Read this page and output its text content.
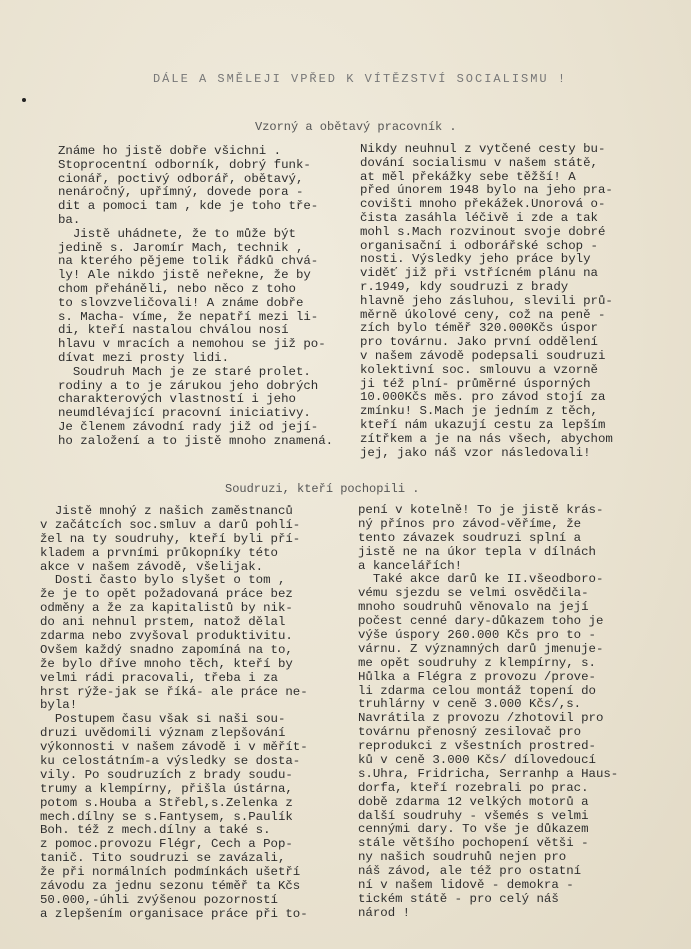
DÁLE A SMĚLEJI VPŘED K VÍTĚZSTVÍ SOCIALISMU !
Vzorný a obětavý pracovník .
Známe ho jistě dobře všichni .
Stoprocentní odborník, dobrý funk-
cionář, poctivý odborář, obětavý,
nenáročný, upřímný, dovede pora -
dit a pomoci tam , kde je toho tře-
ba.
Jistě uhádnete, že to může být
jedině s. Jaromír Mach, technik ,
na kterého pějeme tolik řádků chvá-
ly! Ale nikdo jistě neřekne, že by
chom přeháněli, nebo něco z toho
to slovzveličovali! A známe dobře
s. Macha- víme, že nepatří mezi li-
di, kteří nastalou chválou nosí
hlavu v mracích a nemohou se již po-
dívat mezi prosty lidi.
Soudruh Mach je ze staré prolet.
rodiny a to je zárukou jeho dobrých
charakterových vlastností i jeho
neumdlévající pracovní iniciativy.
Je členem závodní rady již od její-
ho založení a to jistě mnoho znamená.
Nikdy neuhnul z vytčené cesty bu-
dování socialismu v našem státě,
at měl překážky sebe těžší! A
před únorem 1948 bylo na jeho pra-
covišti mnoho překážek.Únorová o-
čista zasáhla léčivě i zde a tak
mohl s.Mach rozvinout svoje dobré
organisační i odborářské schop -
nosti. Výsledky jeho práce byly
viděť již při vstřícném plánu na
r.1949, kdy soudruzi z brady
hlavně jeho zásluhou, slevili prů-
měrně úkolové ceny, což na peně -
zích bylo téměř 320.000Kčs úspor
pro továrnu. Jako první oddělení
v našem závodě podepsali soudruzi
kolektivní soc. smlouvu a vzorně
ji též plní- průměrné úsporných
10.000Kčs měs. pro závod stojí za
zmínku! S.Mach je jedním z těch,
kteří nám ukazují cestu za lepším
zítřkem a je na nás všech, abychom
jej, jako náš vzor následovali!
Soudruzi, kteří pochopili .
Jistě mnohý z našich zaměstnanců
v začátcích soc.smluv a darů pohlí-
žel na ty soudruhy, kteří byli pří-
kladem a prvními průkopníky této
akce v našem závodě, všelijak.
Dosti často bylo slyšet o tom ,
že je to opět požadovaná práce bez
odměny a že za kapitalistů by nik-
do ani nehnul prstem, natož dělal
zdarma nebo zvyšoval produktivitu.
Ovšem každý snadno zapomíná na to,
že bylo dříve mnoho těch, kteří by
velmi rádi pracovali, třeba i za
hrst rýže-jak se říká- ale práce ne-
byla!
Postupem času však si naši sou-
druzi uvědomili význam zlepšování
výkonnosti v našem závodě i v měřít-
ku celostátním-a výsledky se dosta-
vily. Po soudruzích z brady soudu-
trumy a klempírny, přišla ústárna,
potom s.Houba a Střebl,s.Zelenka z
mech.dílny se s.Fantysem, s.Paulík
Boh. též z mech.dílny a také s.
z pomoc.provozu Flégr, Čech a Pop-
tanič. Tito soudruzi se zavázali,
že při normálních podmínkách ušetří
závodu za jednu sezonu téměř ta Kčs
50.000,-úhli zvýšenou pozorností
a zlepšením organisace práce při to-
pení v kotelně! To je jistě krás-
ný přínos pro závod-věříme, že
tento závazek soudruzi splní a
jistě ne na úkor tepla v dílnách
a kancelářích!
Také akce darů ke II.všeodboro-
vému sjezdu se velmi osvědčila-
mnoho soudruhů věnovalo na její
počest cenné dary-důkazem toho je
výše úspory 260.000 Kčs pro to -
várnu. Z významných darů jmenuje-
me opět soudruhy z klempírny, s.
Hůlka a Flégra z provozu /prove-
li zdarma celou montáž topení do
truhlárny v ceně 3.000 Kčs/,s.
Navrátila z provozu /zhotovil pro
továrnu přenosný zesilovač pro
reprodukci z všestních prostred-
ků v ceně 3.000 Kčs/ dílovedoucí
s.Uhra, Fridricha, Serranhp a Haus-
dorfa, kteří rozebrali po prac.
době zdarma 12 velkých motorů a
další soudruhy - všemés s velmi
cennými dary. To vše je důkazem
stále většího pochopení větši -
ny našich soudruhů nejen pro
náš závod, ale též pro ostatní
ní v našem lidově - demokra -
tickém státě - pro celý náš
národ !
